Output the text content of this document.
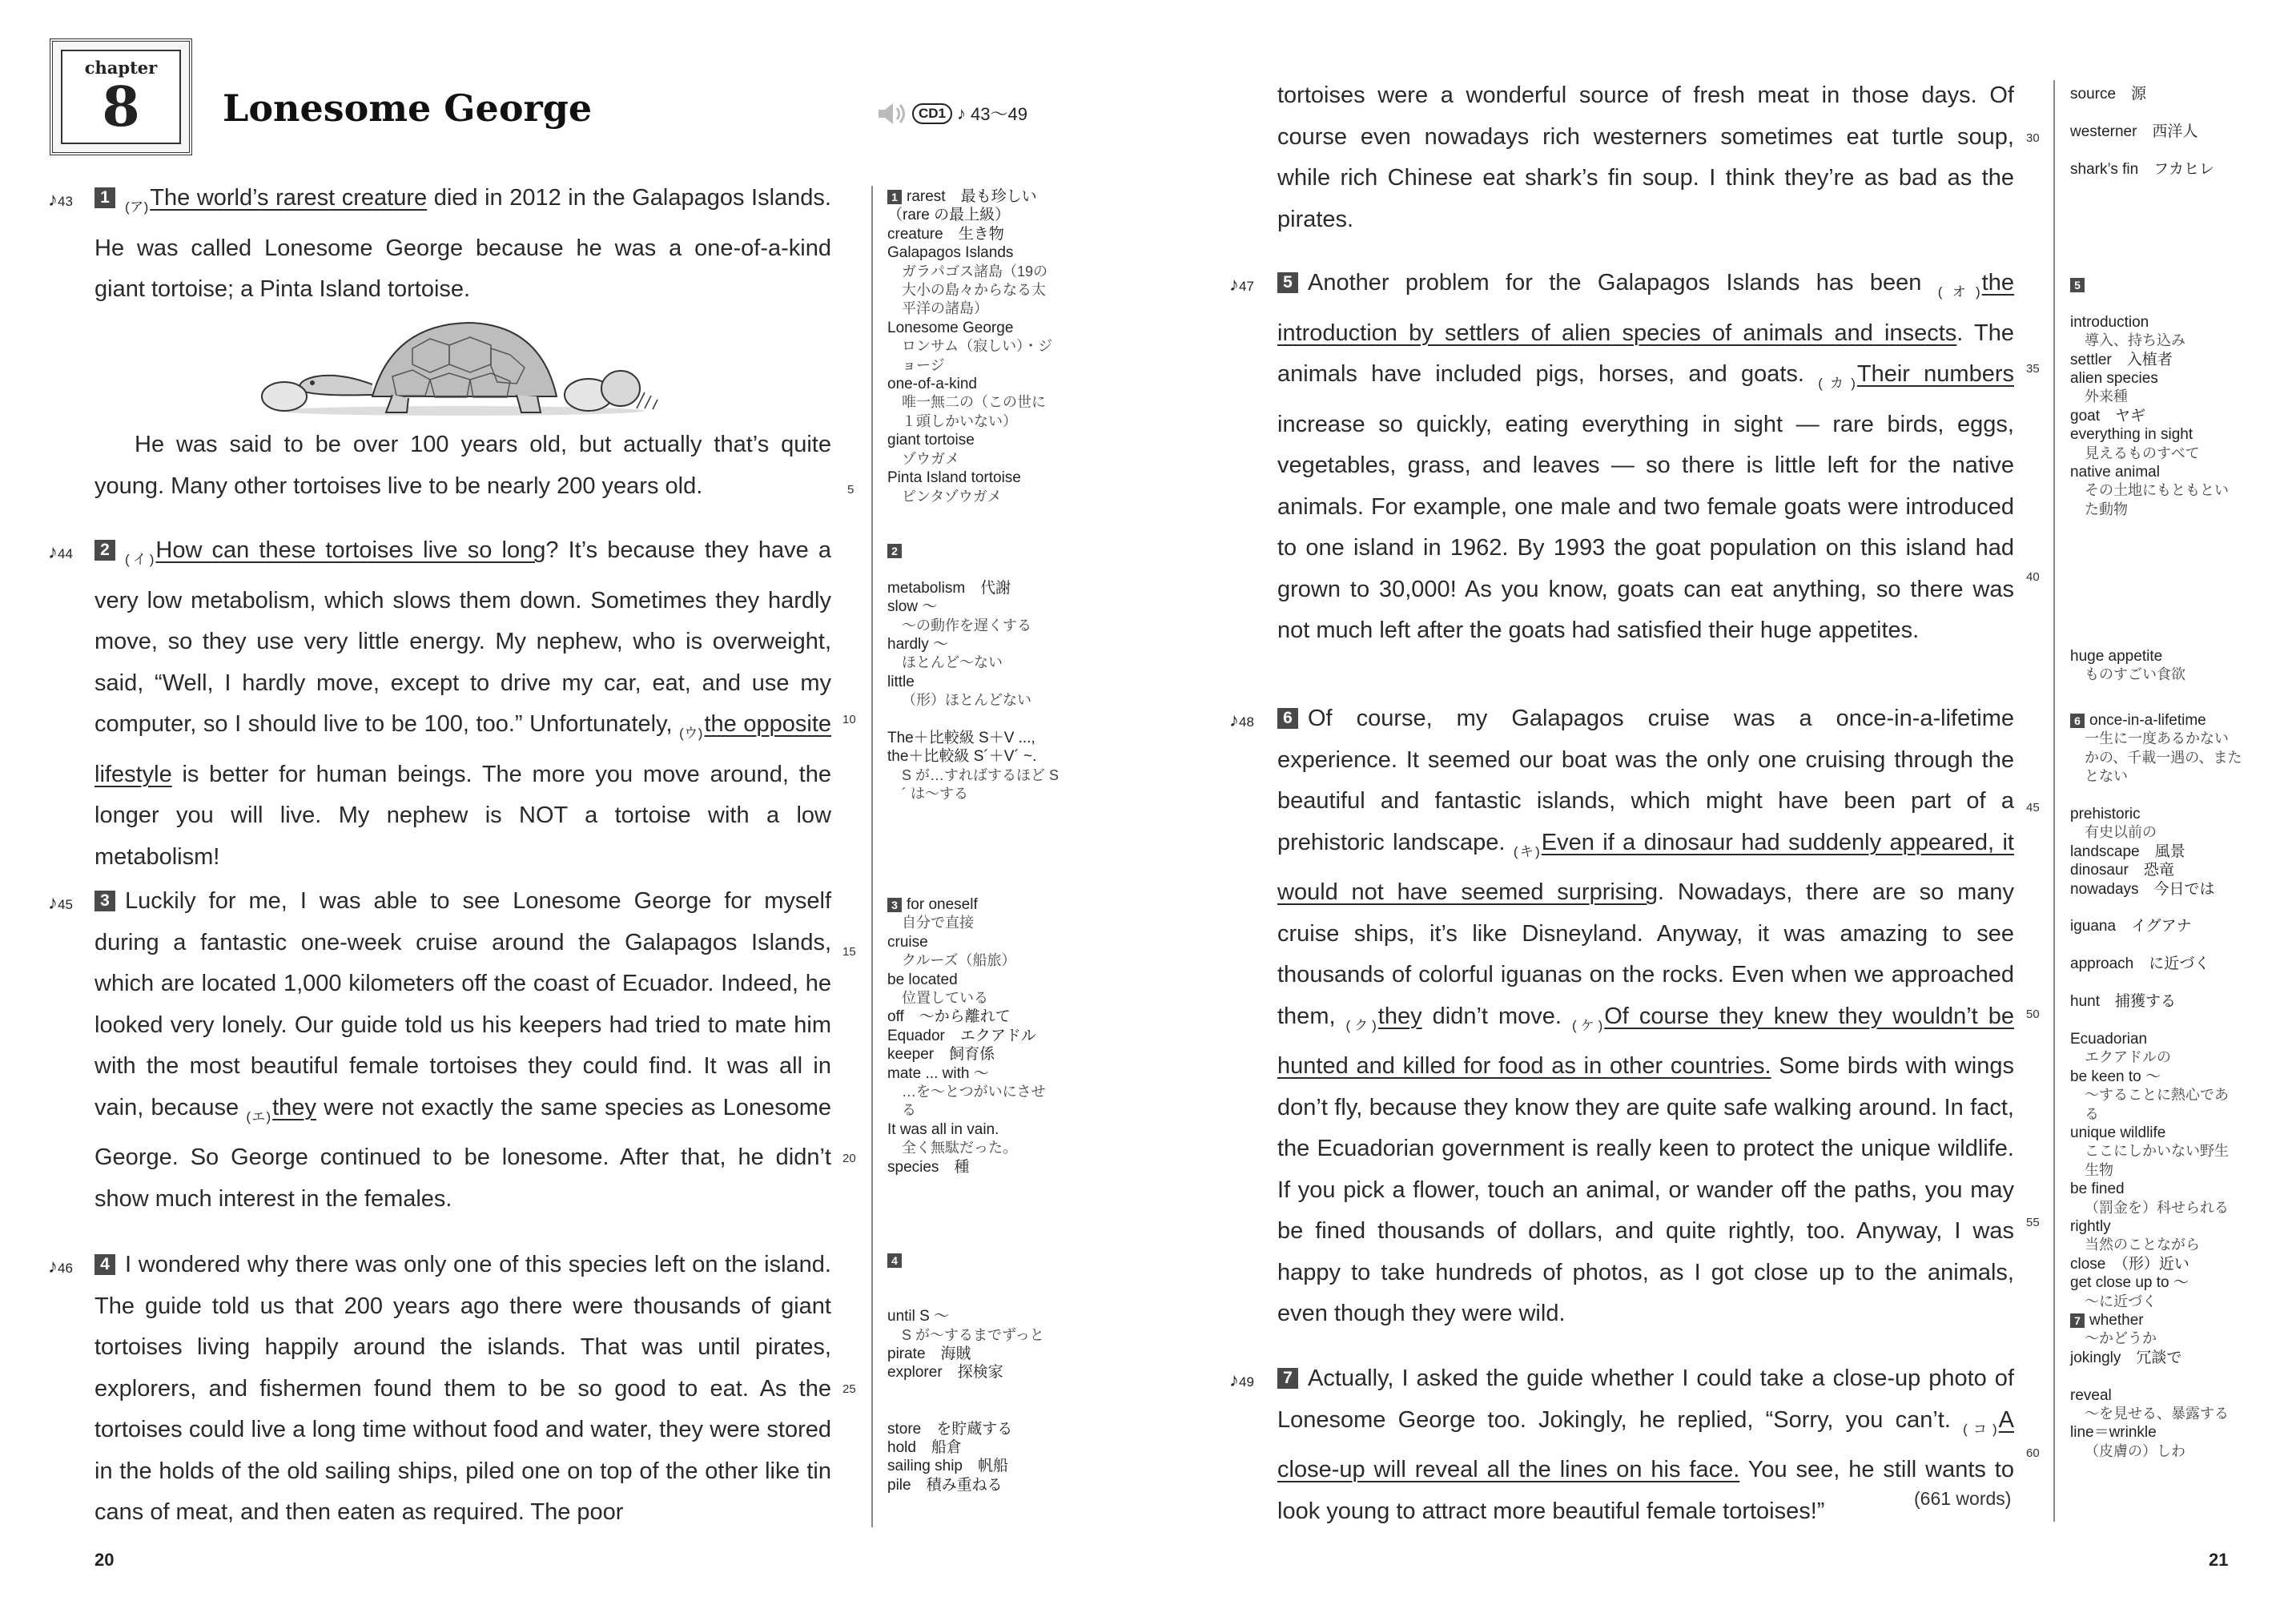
chapter
8	Lonesome George	CD1 ♪ 43～49
♪43	$1_{(ア)}The$ world’s rarest creature died in 2012 in the Galapagos Islands. He was called Lonesome George because he was a one-of-a-kind giant tortoise; a Pinta Island tortoise.

He was said to be over 100 years old, but actually that’s quite young. Many other tortoises live to be nearly 200 years old.

♪44	$2_{(イ)}How$ can these tortoises live so long? It’s because they have a very low metabolism, which slows them down. Sometimes they hardly move, so they use very little energy. My nephew, who is overweight, said, “Well, I hardly move, except to drive my car, eat, and use my computer, so I should live to be 100, too.” Unfortunately, $_{(ウ)}$the opposite lifestyle is better for human beings. The more you move around, the longer you will live. My nephew is NOT a tortoise with a low metabolism!

♪45	3 Luckily for me, I was able to see Lonesome George for myself during a fantastic one-week cruise around the Galapagos Islands, which are located 1,000 kilometers off the coast of Ecuador. Indeed, he looked very lonely. Our guide told us his keepers had tried to mate him with the most beautiful female tortoises they could find. It was all in vain, because $_{(エ)}$they were not exactly the same species as Lonesome George. So George continued to be lonesome. After that, he didn’t show much interest in the females.

♪46	4 I wondered why there was only one of this species left on the island. The guide told us that 200 years ago there were thousands of giant tortoises living happily around the islands. That was until pirates, explorers, and fishermen found them to be so good to eat. As the tortoises could live a long time without food and water, they were stored in the holds of the old sailing ships, piled one on top of the other like tin cans of meat, and then eaten as required. The poor

5
10
15
20
25
1 rarest　最も珍しい
（rare の最上級）
creature　生き物
Galapagos Islands
ガラパゴス諸島（19の大小の島々からなる太平洋の諸島）
Lonesome George
ロンサム（寂しい）・ジョージ
one-of-a-kind
唯一無二の（この世に１頭しかいない）
giant tortoise
ゾウガメ
Pinta Island tortoise
ピンタゾウガメ
2

metabolism　代謝
slow ～
～の動作を遅くする
hardly ～
ほとんど～ない
little
（形）ほとんどない

The＋比較級 S＋V ..., the＋比較級 S´＋V´ ~.
S が…すればするほど S´ は～する
3 for oneself
自分で直接
cruise
クルーズ（船旅）
be located
位置している
off　～から離れて
Equador　エクアドル
keeper　飼育係
mate ... with ～
…を～とつがいにさせる
It was all in vain.
全く無駄だった。
species　種
4

until S ～
S が～するまでずっと
pirate　海賊
explorer　探検家

store　を貯蔵する
hold　船倉
sailing ship　帆船
pile　積み重ねる
20

tortoises were a wonderful source of fresh meat in those days. Of course even nowadays rich westerners sometimes eat turtle soup, while rich Chinese eat shark’s fin soup. I think they’re as bad as the pirates.

♪47	5 Another problem for the Galapagos Islands has been $_{(オ)}$the introduction by settlers of alien species of animals and insects. The animals have included pigs, horses, and goats. $_{(カ)}$Their numbers increase so quickly, eating everything in sight — rare birds, eggs, vegetables, grass, and leaves — so there is little left for the native animals. For example, one male and two female goats were introduced to one island in 1962. By 1993 the goat population on this island had grown to 30,000! As you know, goats can eat anything, so there was not much left after the goats had satisfied their huge appetites.

♪48	6 Of course, my Galapagos cruise was a once-in-a-lifetime experience. It seemed our boat was the only one cruising through the beautiful and fantastic islands, which might have been part of a prehistoric landscape. $_{(キ)}$Even if a dinosaur had suddenly appeared, it would not have seemed surprising. Nowadays, there are so many cruise ships, it’s like Disneyland. Anyway, it was amazing to see thousands of colorful iguanas on the rocks. Even when we approached them, $_{(ク)}$they didn’t move. $_{(ケ)}$Of course they knew they wouldn’t be hunted and killed for food as in other countries. Some birds with wings don’t fly, because they know they are quite safe walking around. In fact, the Ecuadorian government is really keen to protect the unique wildlife. If you pick a flower, touch an animal, or wander off the paths, you may be fined thousands of dollars, and quite rightly, too. Anyway, I was happy to take hundreds of photos, as I got close up to the animals, even though they were wild.

♪49	7 Actually, I asked the guide whether I could take a close-up photo of Lonesome George too. Jokingly, he replied, “Sorry, you can’t. $_{(コ)}$A close-up will reveal all the lines on his face. You see, he still wants to look young to attract more beautiful female tortoises!”	(661 words)
30
35
40
45
50
55
60
source　源

westerner　西洋人

shark’s fin　フカヒレ
5

introduction
導入、持ち込み
settler　入植者
alien species
外来種
goat　ヤギ
everything in sight
見えるものすべて
native animal
その土地にもともといた動物
huge appetite
ものすごい食欲
6 once-in-a-lifetime
一生に一度あるかないかの、千載一遇の、またとない

prehistoric
有史以前の
landscape　風景
dinosaur　恐竜
nowadays　今日では

iguana　イグアナ

approach　に近づく

hunt　捕獲する

Ecuadorian
エクアドルの
be keen to ～
～することに熱心である
unique wildlife
ここにしかいない野生生物
be fined
（罰金を）科せられる
rightly
当然のことながら
close　（形）近い
get close up to ～
～に近づく
7 whether
～かどうか
jokingly　冗談で

reveal
～を見せる、暴露する
line＝wrinkle
（皮膚の）しわ
21
